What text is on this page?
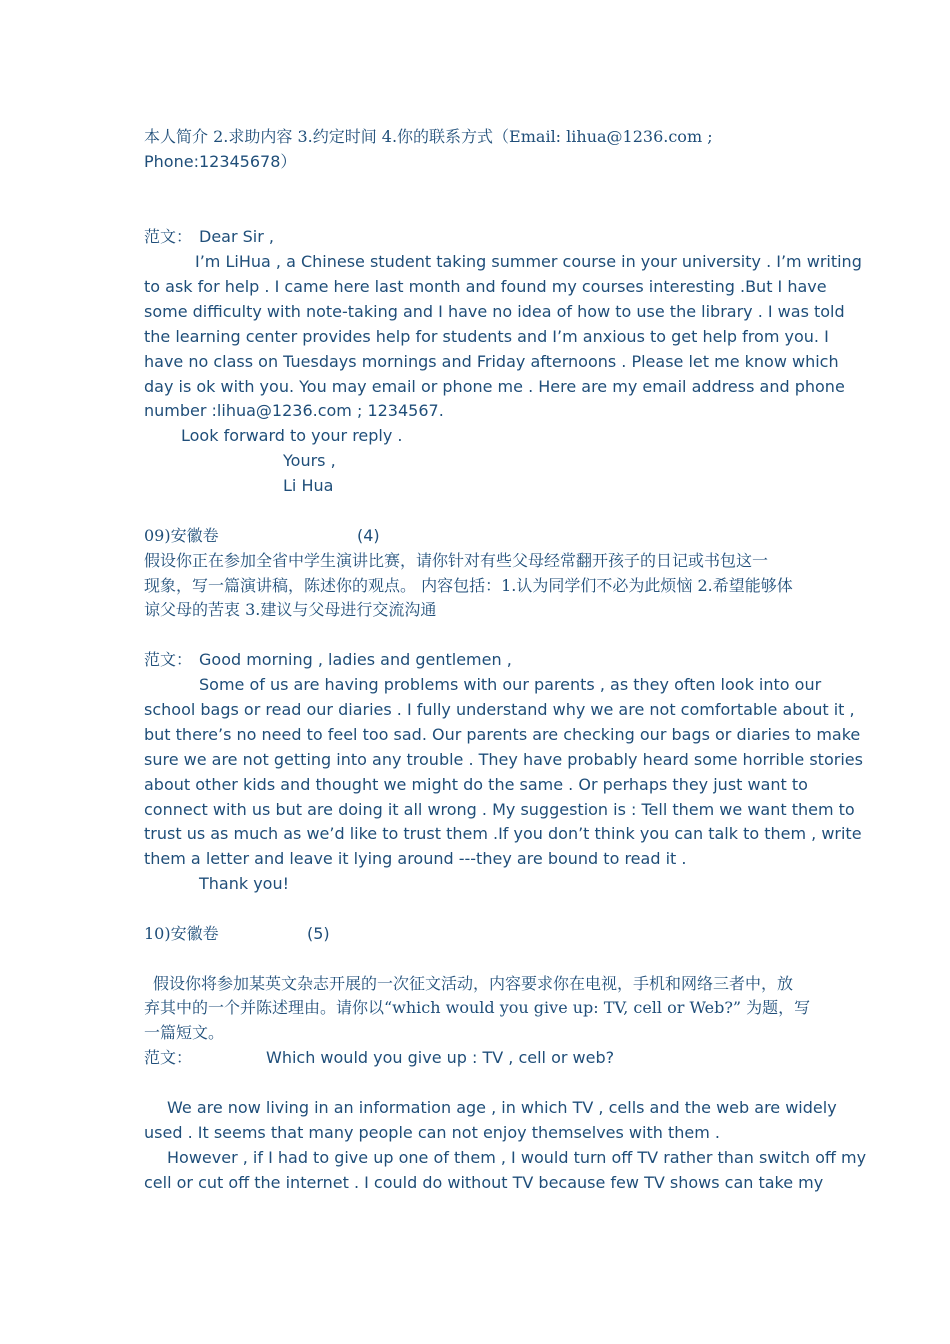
本人简介 2.求助内容 3.约定时间 4.你的联系方式（Email: lihua@1236.com ;
Phone:12345678）
范文： Dear Sir ,
I’m LiHua , a Chinese student taking summer course in your university . I’m writing
to ask for help . I came here last month and found my courses interesting .But I have
some difficulty with note-taking and I have no idea of how to use the library . I was told
the learning center provides help for students and I’m anxious to get help from you. I
have no class on Tuesdays mornings and Friday afternoons . Please let me know which
day is ok with you. You may email or phone me . Here are my email address and phone
number :lihua@1236.com ; 1234567.
Look forward to your reply .
Yours ,
Li Hua
09)安徽卷	(4)
假设你正在参加全省中学生演讲比赛，请你针对有些父母经常翻开孩子的日记或书包这一
现象，写一篇演讲稿，陈述你的观点。 内容包括：1.认为同学们不必为此烦恼 2.希望能够体
谅父母的苦衷 3.建议与父母进行交流沟通
范文： Good morning , ladies and gentlemen ,
Some of us are having problems with our parents , as they often look into our
school bags or read our diaries . I fully understand why we are not comfortable about it ,
but there’s no need to feel too sad. Our parents are checking our bags or diaries to make
sure we are not getting into any trouble . They have probably heard some horrible stories
about other kids and thought we might do the same . Or perhaps they just want to
connect with us but are doing it all wrong . My suggestion is : Tell them we want them to
trust us as much as we’d like to trust them .If you don’t think you can talk to them , write
them a letter and leave it lying around ---they are bound to read it .
Thank you!
10)安徽卷	(5)
假设你将参加某英文杂志开展的一次征文活动，内容要求你在电视，手机和网络三者中，放
弃其中的一个并陈述理由。请你以“which would you give up: TV, cell or Web?” 为题，写
一篇短文。
范文：	Which would you give up : TV , cell or web?
We are now living in an information age , in which TV , cells and the web are widely
used . It seems that many people can not enjoy themselves with them .
However , if I had to give up one of them , I would turn off TV rather than switch off my
cell or cut off the internet . I could do without TV because few TV shows can take my
